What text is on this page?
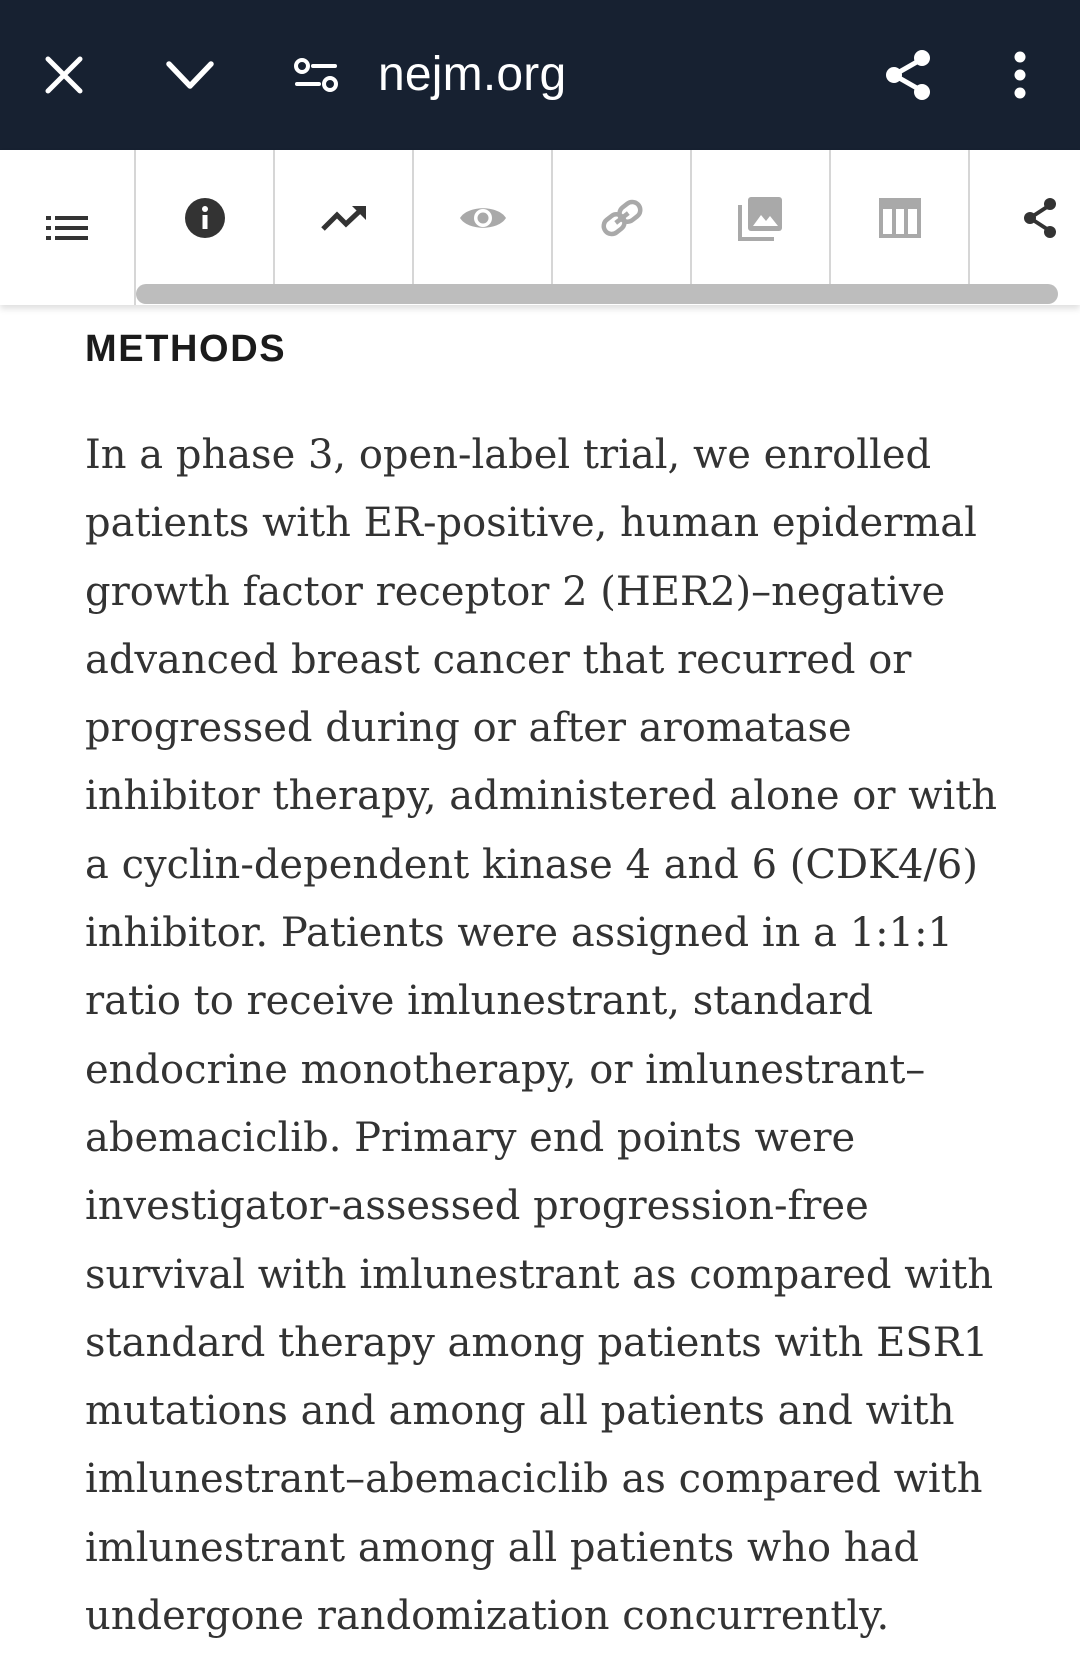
nejm.org
METHODS

In a phase 3, open-label trial, we enrolled patients with ER-positive, human epidermal growth factor receptor 2 (HER2)–negative advanced breast cancer that recurred or progressed during or after aromatase inhibitor therapy, administered alone or with a cyclin-dependent kinase 4 and 6 (CDK4/6) inhibitor. Patients were assigned in a 1:1:1 ratio to receive imlunestrant, standard endocrine monotherapy, or imlunestrant–abemaciclib. Primary end points were investigator-assessed progression-free survival with imlunestrant as compared with standard therapy among patients with ESR1 mutations and among all patients and with imlunestrant–abemaciclib as compared with imlunestrant among all patients who had undergone randomization concurrently.
